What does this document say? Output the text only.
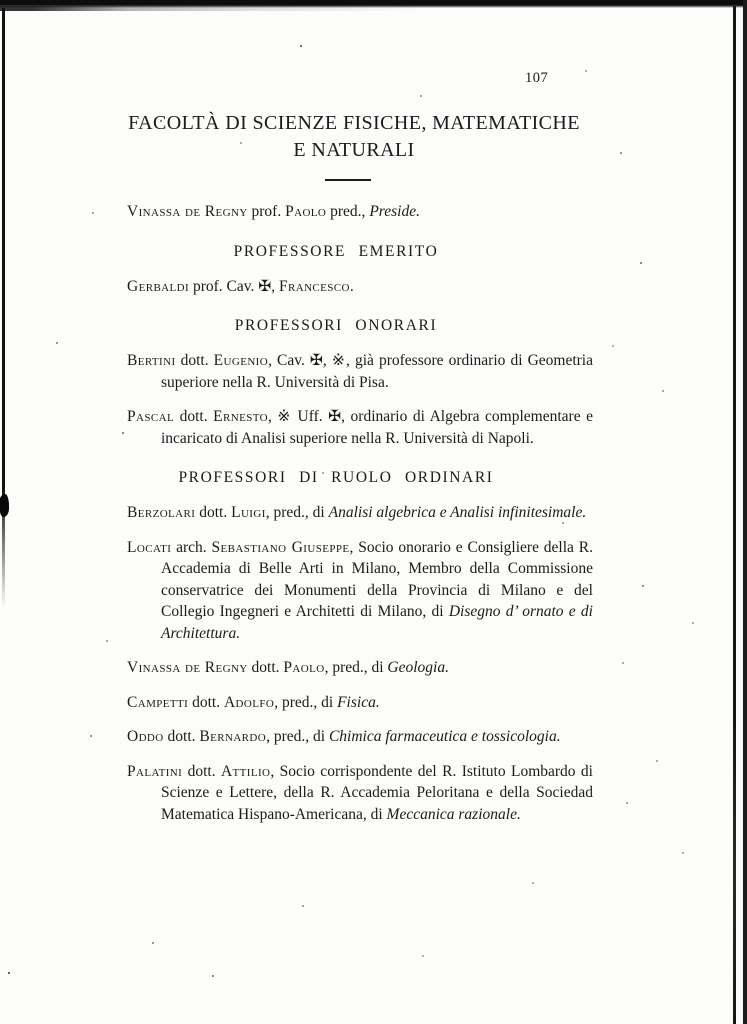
107
FACOLTÀ DI SCIENZE FISICHE, MATEMATICHE
E NATURALI

Vinassa de Regny prof. Paolo pred., Preside.

PROFESSORE EMERITO

Gerbaldi prof. Cav. ✠, Francesco.

PROFESSORI ONORARI

Bertini dott. Eugenio, Cav. ✠, ※, già professore ordinario di Geometria superiore nella R. Università di Pisa.

Pascal dott. Ernesto, ※ Uff. ✠, ordinario di Algebra complementare e incaricato di Analisi superiore nella R. Università di Napoli.

PROFESSORI DI RUOLO ORDINARI

Berzolari dott. Luigi, pred., di Analisi algebrica e Analisi infinitesimale.

Locati arch. Sebastiano Giuseppe, Socio onorario e Consigliere della R. Accademia di Belle Arti in Milano, Membro della Commissione conservatrice dei Monumenti della Provincia di Milano e del Collegio Ingegneri e Architetti di Milano, di Disegno d’ ornato e di Architettura.

Vinassa de Regny dott. Paolo, pred., di Geologia.

Campetti dott. Adolfo, pred., di Fisica.

Oddo dott. Bernardo, pred., di Chimica farmaceutica e tossicologia.

Palatini dott. Attilio, Socio corrispondente del R. Istituto Lombardo di Scienze e Lettere, della R. Accademia Peloritana e della Sociedad Matematica Hispano-Americana, di Meccanica razionale.
